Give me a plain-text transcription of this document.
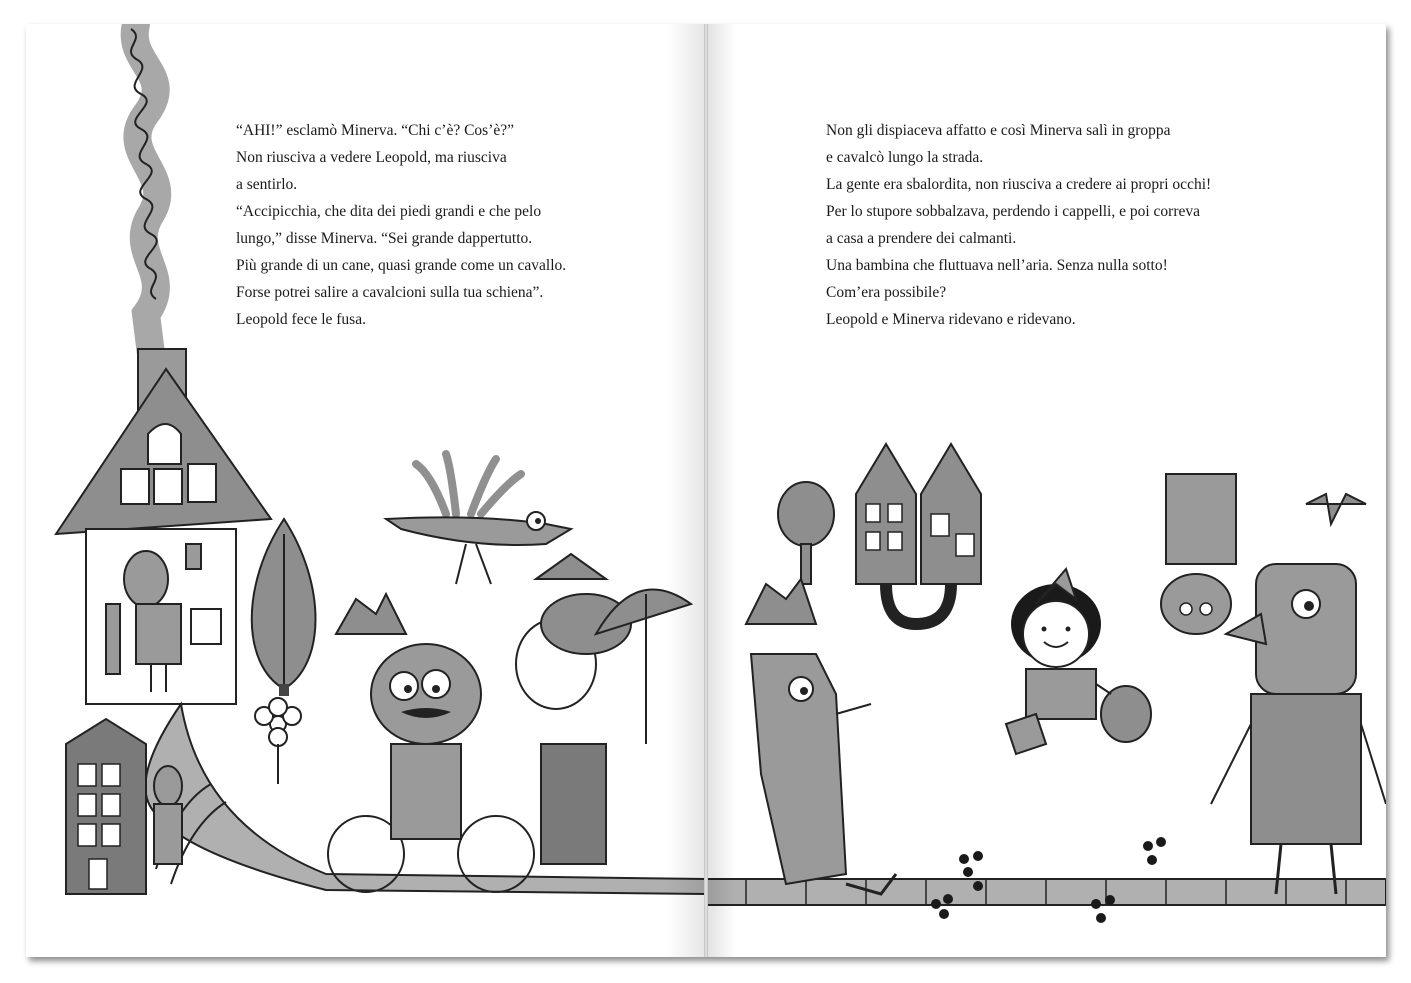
“AHI!” esclamò Minerva. “Chi c’è? Cos’è?”

Non riusciva a vedere Leopold, ma riusciva

a sentirlo.

“Accipicchia, che dita dei piedi grandi e che pelo

lungo,” disse Minerva. “Sei grande dappertutto.

Più grande di un cane, quasi grande come un cavallo.

Forse potrei salire a cavalcioni sulla tua schiena”.

Leopold fece le fusa.

Non gli dispiaceva affatto e così Minerva salì in groppa

e cavalcò lungo la strada.

La gente era sbalordita, non riusciva a credere ai propri occhi!

Per lo stupore sobbalzava, perdendo i cappelli, e poi correva

a casa a prendere dei calmanti.

Una bambina che fluttuava nell’aria. Senza nulla sotto!

Com’era possibile?

Leopold e Minerva ridevano e ridevano.
